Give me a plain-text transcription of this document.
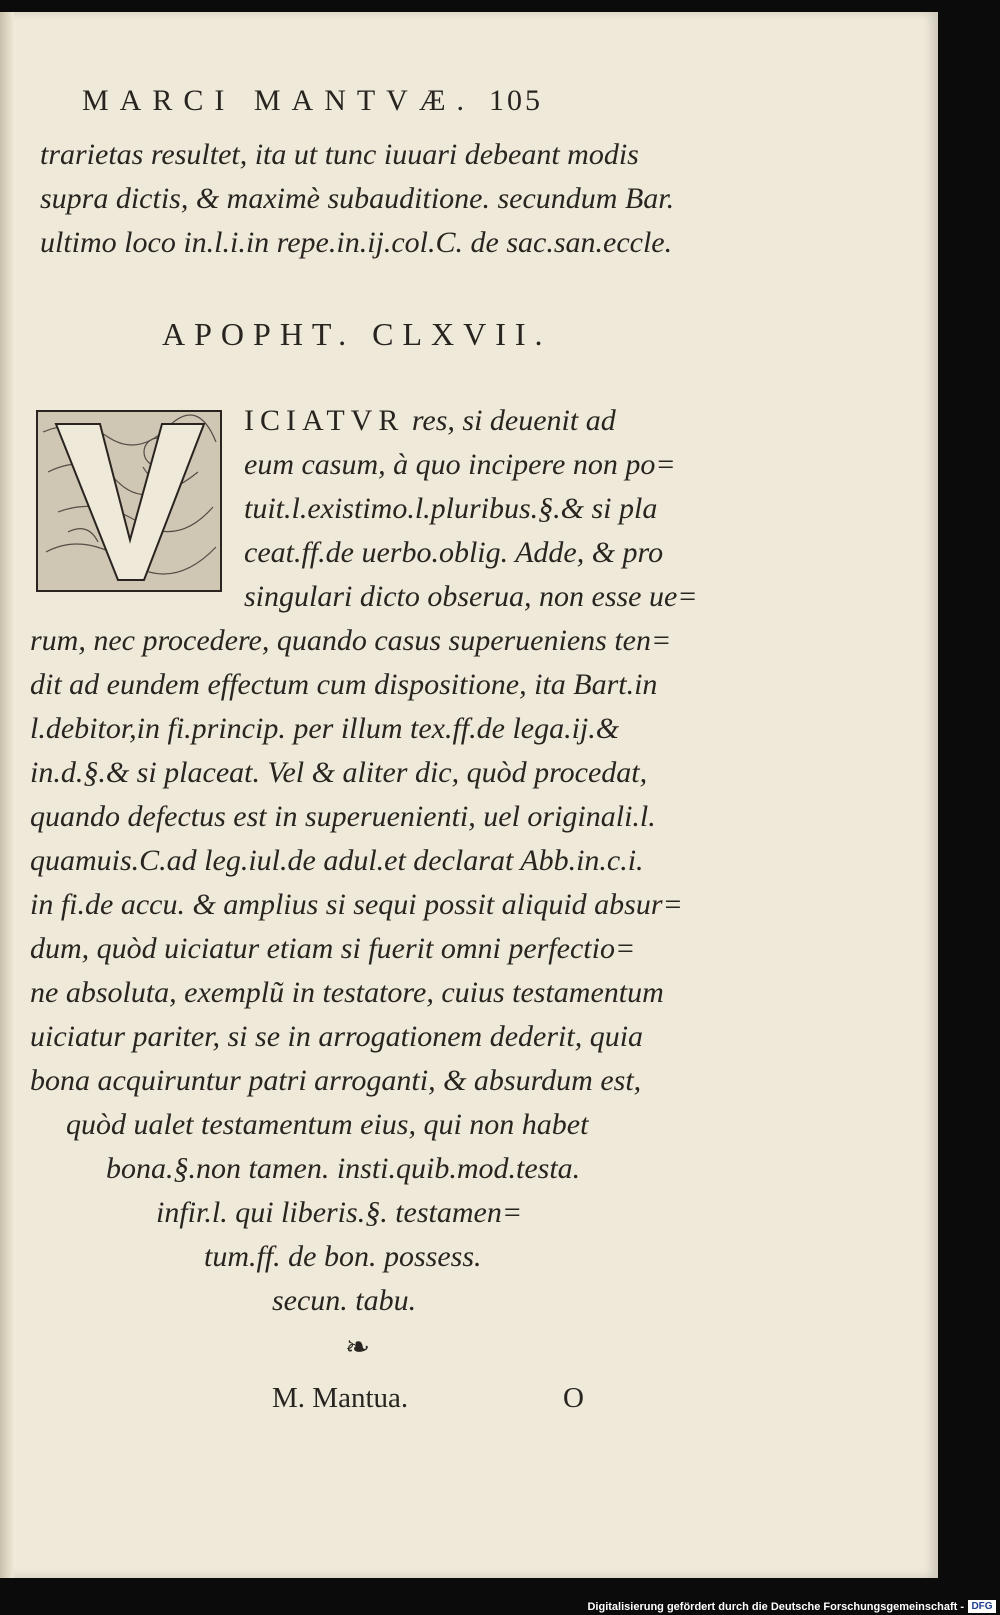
MARCI MANTVÆ. 105
trarietas resultet, ita ut tunc iuuari debeant modis
supra dictis, & maximè subauditione. secundum Bar.
ultimo loco in.l.i.in repe.in.ij.col.C. de sac.san.eccle.
APOPHT. CLXVII.
ICIATVR res, si deuenit ad
eum casum, à quo incipere non po=
tuit.l.existimo.l.pluribus.§.& si pla
ceat.ff.de uerbo.oblig. Adde, & pro
singulari dicto obserua, non esse ue=
rum, nec procedere, quando casus superueniens ten=
dit ad eundem effectum cum dispositione, ita Bart.in
l.debitor,in fi.princip. per illum tex.ff.de lega.ij.&
in.d.§.& si placeat. Vel & aliter dic, quòd procedat,
quando defectus est in superuenienti, uel originali.l.
quamuis.C.ad leg.iul.de adul.et declarat Abb.in.c.i.
in fi.de accu. & amplius si sequi possit aliquid absur=
dum, quòd uiciatur etiam si fuerit omni perfectio=
ne absoluta, exemplũ in testatore, cuius testamentum
uiciatur pariter, si se in arrogationem dederit, quia
bona acquiruntur patri arroganti, & absurdum est,
quòd ualet testamentum eius, qui non habet
bona.§.non tamen. insti.quib.mod.testa.
infir.l. qui liberis.§. testamen=
tum.ff. de bon. possess.
secun. tabu.
❧
M. Mantua.	O
Digitalisierung gefördert durch die Deutsche Forschungsgemeinschaft - DFG
